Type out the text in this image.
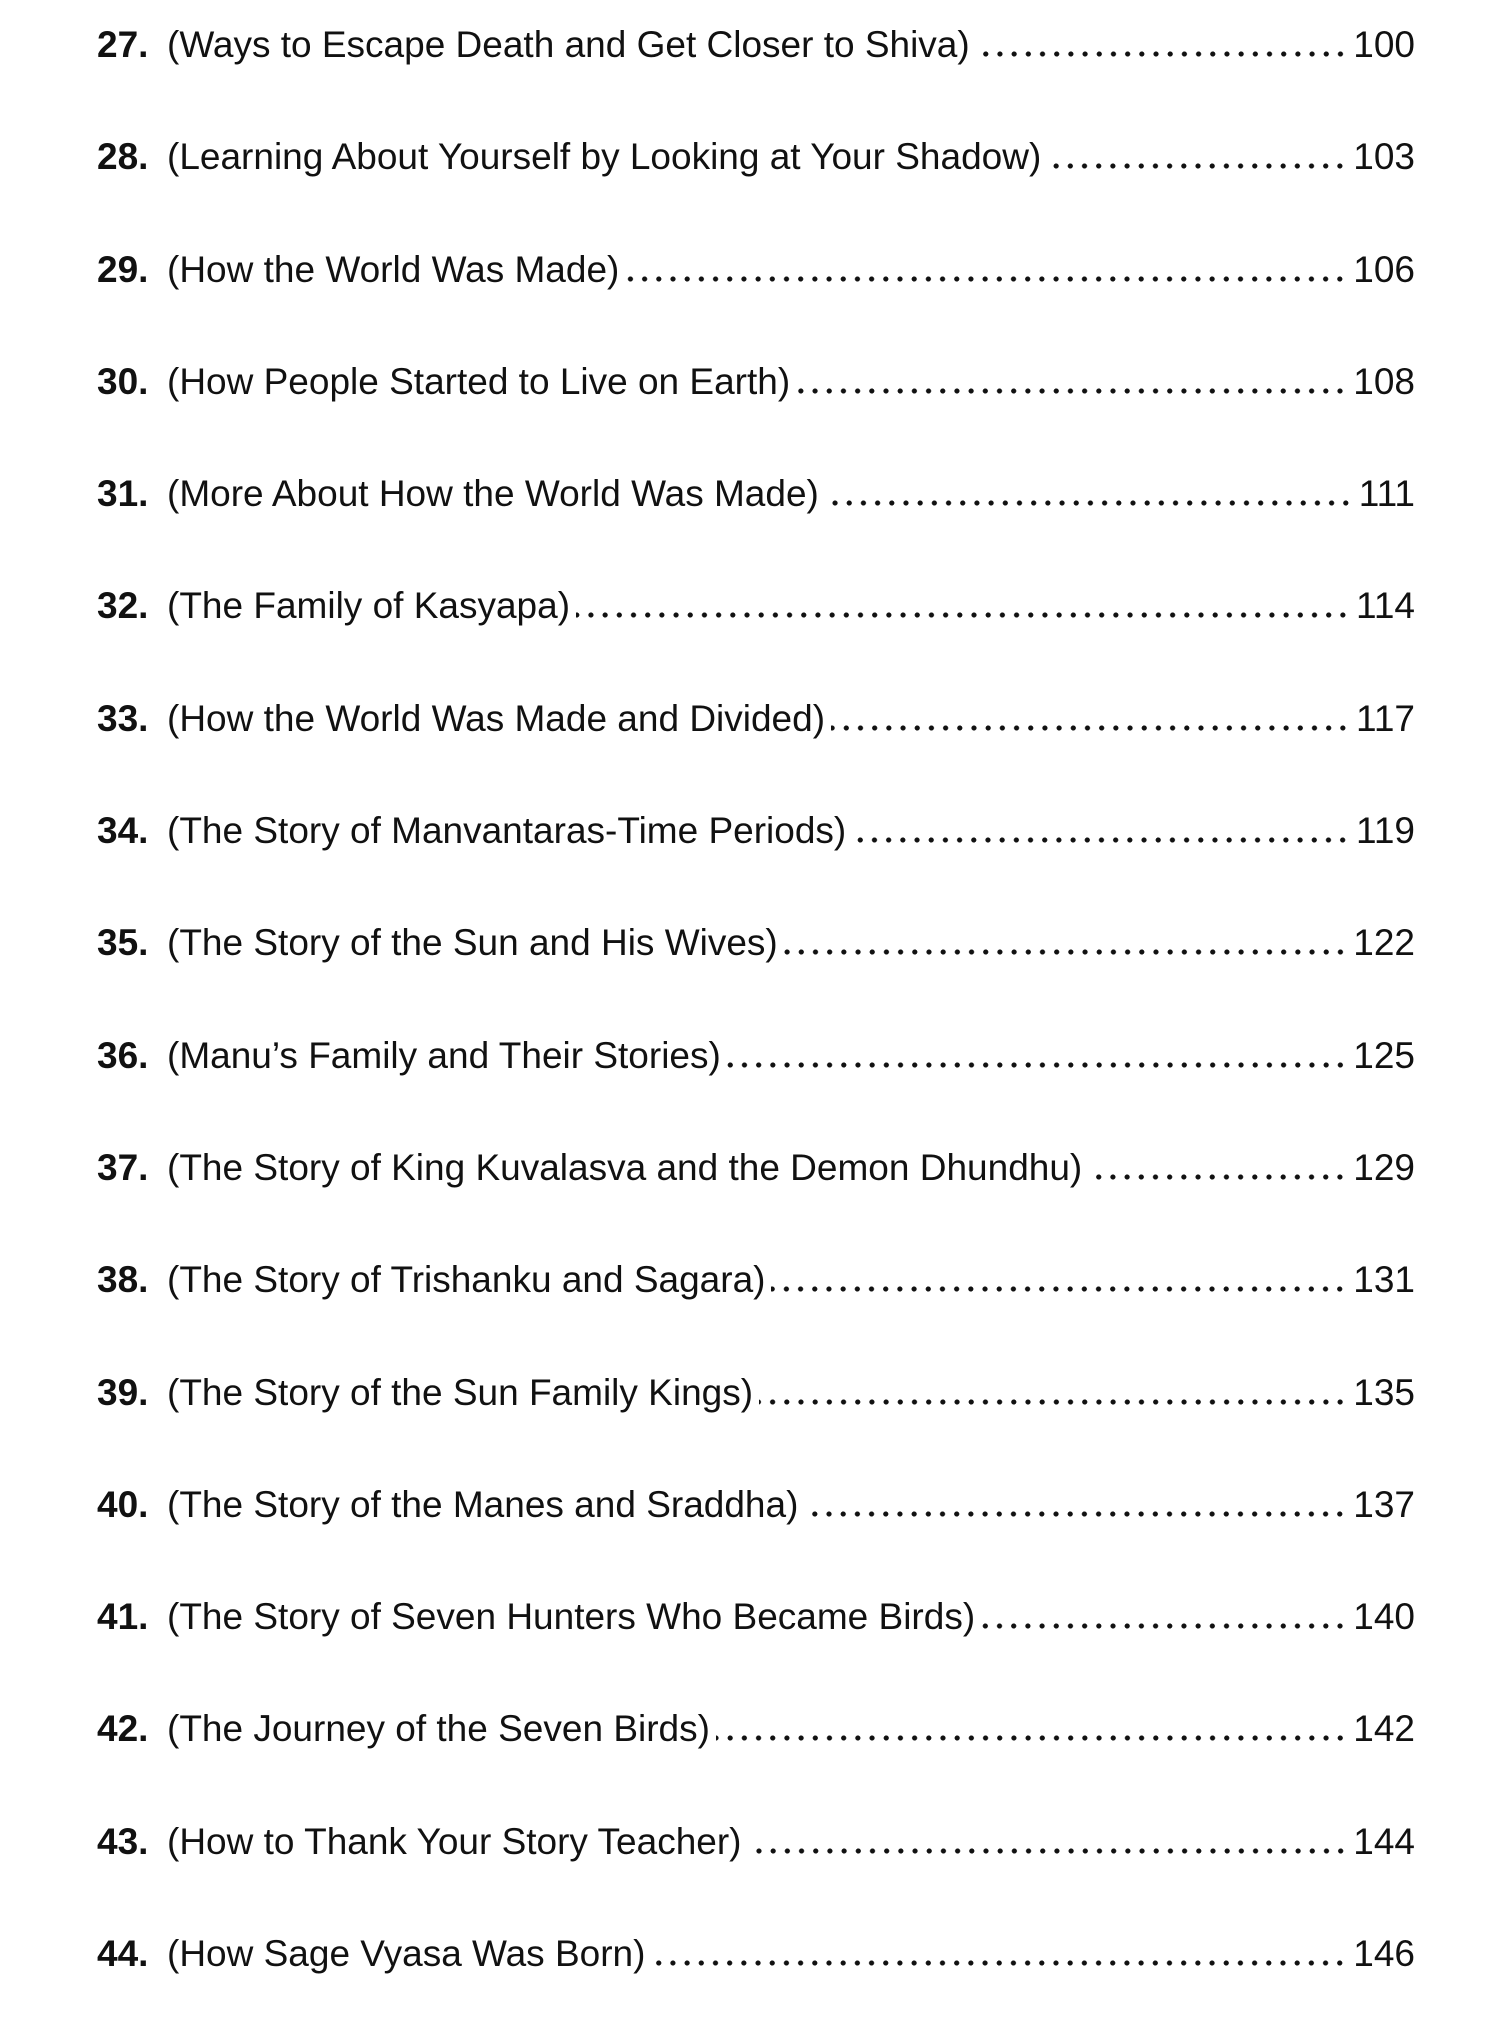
27. (Ways to Escape Death and Get Closer to Shiva)	100
28. (Learning About Yourself by Looking at Your Shadow)	103
29. (How the World Was Made)	106
30. (How People Started to Live on Earth)	108
31. (More About How the World Was Made)	111
32. (The Family of Kasyapa)	114
33. (How the World Was Made and Divided)	117
34. (The Story of Manvantaras-Time Periods)	119
35. (The Story of the Sun and His Wives)	122
36. (Manu’s Family and Their Stories)	125
37. (The Story of King Kuvalasva and the Demon Dhundhu)	129
38. (The Story of Trishanku and Sagara)	131
39. (The Story of the Sun Family Kings)	135
40. (The Story of the Manes and Sraddha)	137
41. (The Story of Seven Hunters Who Became Birds)	140
42. (The Journey of the Seven Birds)	142
43. (How to Thank Your Story Teacher)	144
44. (How Sage Vyasa Was Born)	146
